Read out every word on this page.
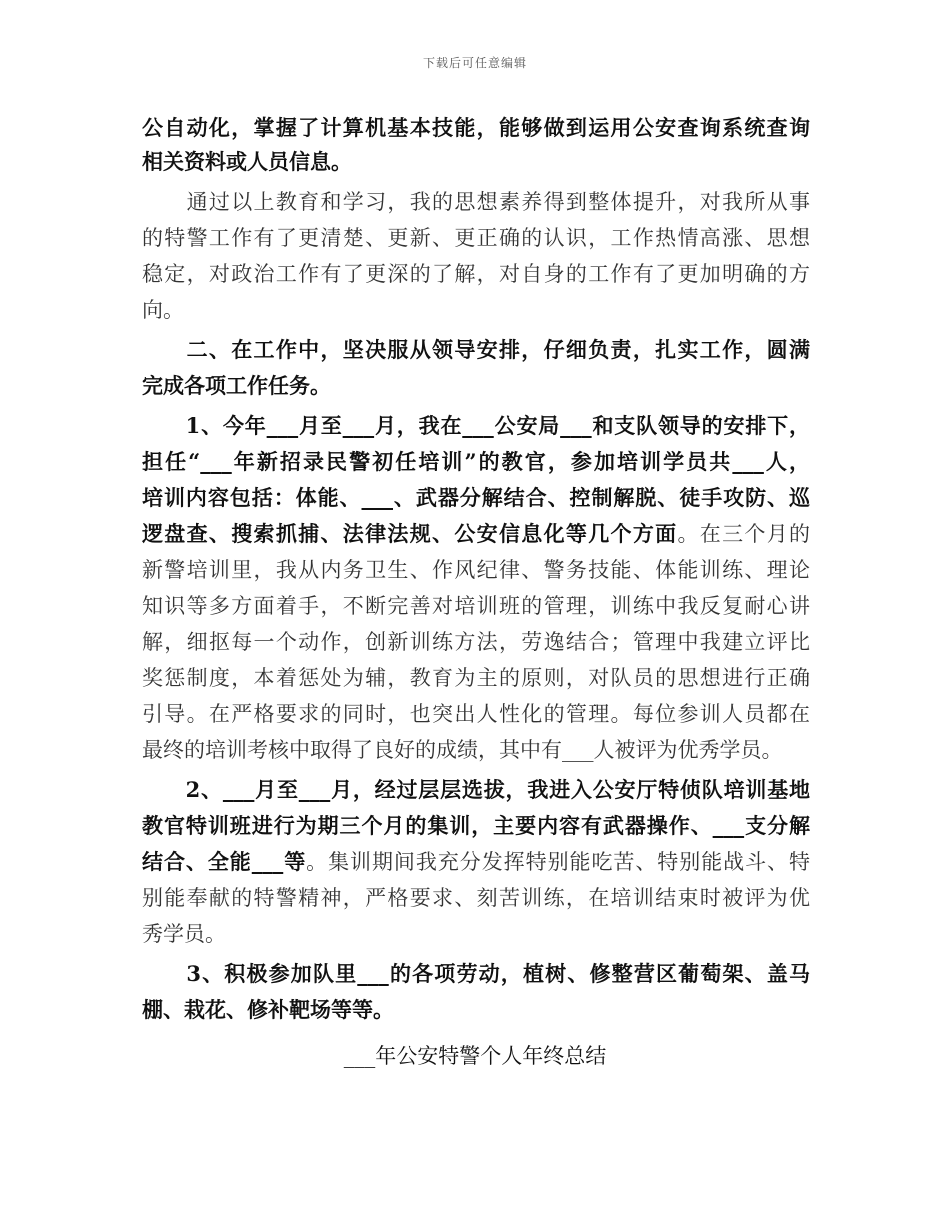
下载后可任意编辑
公自动化，掌握了计算机基本技能，能够做到运用公安查询系统查询
相关资料或人员信息。
　　通过以上教育和学习，我的思想素养得到整体提升，对我所从事
的特警工作有了更清楚、更新、更正确的认识，工作热情高涨、思想
稳定，对政治工作有了更深的了解，对自身的工作有了更加明确的方
向。
　　二、在工作中，坚决服从领导安排，仔细负责，扎实工作，圆满
完成各项工作任务。
　　1、今年___月至___月，我在___公安局___和支队领导的安排下，
担任“___年新招录民警初任培训”的教官，参加培训学员共___人，
培训内容包括：体能、___、武器分解结合、控制解脱、徒手攻防、巡
逻盘查、搜索抓捕、法律法规、公安信息化等几个方面。在三个月的
新警培训里，我从内务卫生、作风纪律、警务技能、体能训练、理论
知识等多方面着手，不断完善对培训班的管理，训练中我反复耐心讲
解，细抠每一个动作，创新训练方法，劳逸结合；管理中我建立评比
奖惩制度，本着惩处为辅，教育为主的原则，对队员的思想进行正确
引导。在严格要求的同时，也突出人性化的管理。每位参训人员都在
最终的培训考核中取得了良好的成绩，其中有___人被评为优秀学员。
　　2、___月至___月，经过层层选拔，我进入公安厅特侦队培训基地
教官特训班进行为期三个月的集训，主要内容有武器操作、___支分解
结合、全能___等。集训期间我充分发挥特别能吃苦、特别能战斗、特
别能奉献的特警精神，严格要求、刻苦训练，在培训结束时被评为优
秀学员。
　　3、积极参加队里___的各项劳动，植树、修整营区葡萄架、盖马
棚、栽花、修补靶场等等。
___年公安特警个人年终总结
